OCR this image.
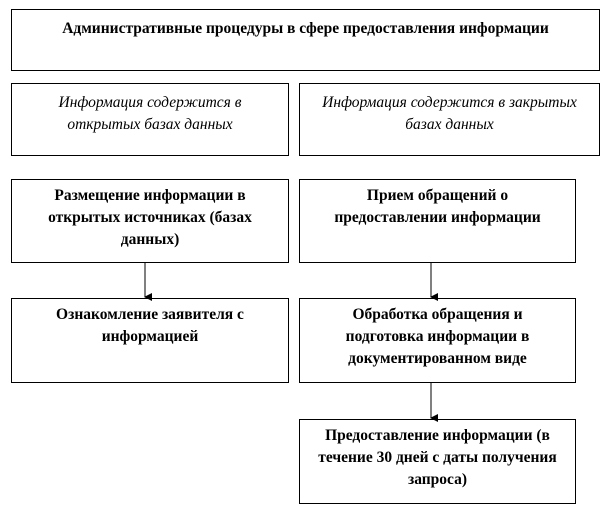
Административные процедуры в сфере предоставления информации
Информация содержится в открытых базах данных
Информация содержится в закрытых базах данных
Размещение информации в открытых источниках (базах данных)
Ознакомление заявителя с информацией
Прием обращений о предоставлении информации
Обработка обращения и подготовка информации в документированном виде
Предоставление информации (в течение 30 дней с даты получения запроса)
